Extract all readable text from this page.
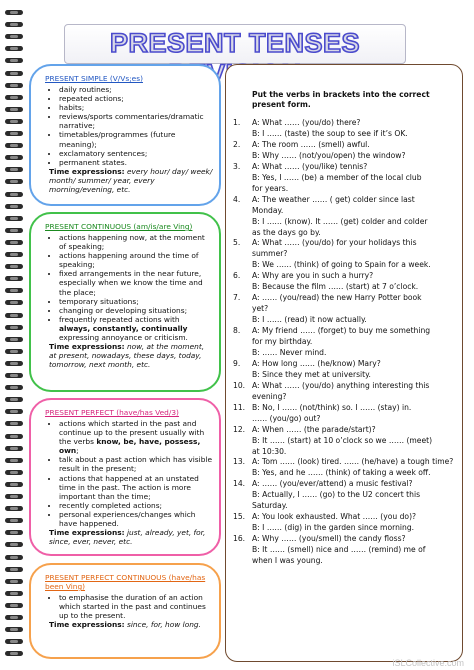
PRESENT TENSES
PRESENT SIMPLE (V/Vs;es)
• daily routines;
• repeated actions;
• habits;
• reviews/sports commentaries/dramatic narrative;
• timetables/programmes (future meaning);
• exclamatory sentences;
• permanent states.
Time expressions: every hour/ day/ week/ month/ summer/ year, every morning/evening, etc.
PRESENT CONTINUOUS (am/is/are Ving)
• actions happening now, at the moment of speaking;
• actions happening around the time of speaking;
• fixed arrangements in the near future, especially when we know the time and the place;
• temporary situations;
• changing or developing situations;
• frequently repeated actions with always, constantly, continually expressing annoyance or criticism.
Time expressions: now, at the moment, at present, nowadays, these days, today, tomorrow, next month, etc.
PRESENT PERFECT (have/has Ved/3)
• actions which started in the past and continue up to the present usually with the verbs know, be, have, possess, own;
• talk about a past action which has visible result in the present;
• actions that happened at an unstated time in the past. The action is more important than the time;
• recently completed actions;
• personal experiences/changes which have happened.
Time expressions: just, already, yet, for, since, ever, never, etc.
PRESENT PERFECT CONTINUOUS (have/has been Ving)
• to emphasise the duration of an action which started in the past and continues up to the present.
Time expressions: since, for, how long.
Put the verbs in brackets into the correct present form.
1. A: What …… (you/do) there?
B: I …… (taste) the soup to see if it’s OK.
2. A: The room …… (smell) awful.
B: Why …… (not/you/open) the window?
3. A: What …… (you/like) tennis?
B: Yes, I …… (be) a member of the local club
for years.
4. A: The weather …… ( get) colder since last
Monday.
B: I …… (know). It …… (get) colder and colder
as the days go by.
5. A: What …… (you/do) for your holidays this
summer?
B: We …… (think) of going to Spain for a week.
6. A: Why are you in such a hurry?
B: Because the film …… (start) at 7 o’clock.
7. A: …… (you/read) the new Harry Potter book
yet?
B: I …… (read) it now actually.
8. A: My friend …… (forget) to buy me something
for my birthday.
B: …… Never mind.
9. A: How long …… (he/know) Mary?
B: Since they met at university.
10. A: What …… (you/do) anything interesting this
evening?
11. B: No, I …… (not/think) so. I …… (stay) in.
…… (you/go) out?
12. A: When …… (the parade/start)?
B: It …… (start) at 10 o’clock so we …… (meet)
at 10:30.
13. A: Tom …… (look) tired. …… (he/have) a tough time?
B: Yes, and he …… (think) of taking a week off.
14. A: …… (you/ever/attend) a music festival?
B: Actually, I …… (go) to the U2 concert this
Saturday.
15. A: You look exhausted. What …… (you do)?
B: I …… (dig) in the garden since morning.
16. A: Why …… (you/smell) the candy floss?
B: It …… (smell) nice and …… (remind) me of
when I was young.
iSLCollective.com
